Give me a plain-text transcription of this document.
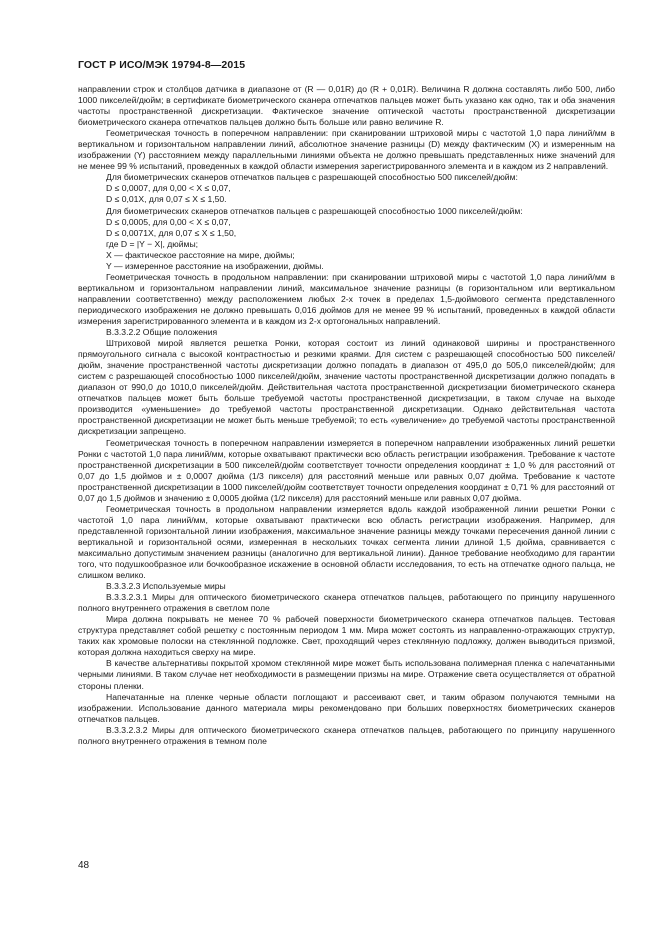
ГОСТ Р ИСО/МЭК 19794-8—2015

направлении строк и столбцов датчика в диапазоне от (R — 0,01R) до (R + 0,01R). Величина R должна составлять либо 500, либо 1000 пикселей/дюйм; в сертификате биометрического сканера отпечатков пальцев может быть указано как одно, так и оба значения частоты пространственной дискретизации. Фактическое значение оптической частоты пространственной дискретизации биометрического сканера отпечатков пальцев должно быть больше или равно величине R.

Геометрическая точность в поперечном направлении: при сканировании штриховой миры с частотой 1,0 пара линий/мм в вертикальном и горизонтальном направлении линий, абсолютное значение разницы (D) между фактическим (X) и измеренным на изображении (Y) расстоянием между параллельными линиями объекта не должно превышать представленных ниже значений для не менее 99 % испытаний, проведенных в каждой области измерения зарегистрированного элемента и в каждом из 2 направлений.

Для биометрических сканеров отпечатков пальцев с разрешающей способностью 500 пикселей/дюйм:

D ≤ 0,0007, для 0,00 < X ≤ 0,07,

D ≤ 0,01X, для 0,07 ≤ X ≤ 1,50.

Для биометрических сканеров отпечатков пальцев с разрешающей способностью 1000 пикселей/дюйм:

D ≤ 0,0005, для 0,00 < X ≤ 0,07,

D ≤ 0,0071X, для 0,07 ≤ X ≤ 1,50,

где D = |Y − X|, дюймы;

X — фактическое расстояние на мире, дюймы;

Y — измеренное расстояние на изображении, дюймы.

Геометрическая точность в продольном направлении: при сканировании штриховой миры с частотой 1,0 пара линий/мм в вертикальном и горизонтальном направлении линий, максимальное значение разницы (в горизонтальном или вертикальном направлении соответственно) между расположением любых 2-х точек в пределах 1,5-дюймового сегмента представленного периодического изображения не должно превышать 0,016 дюймов для не менее 99 % испытаний, проведенных в каждой области измерения зарегистрированного элемента и в каждом из 2-х ортогональных направлений.

В.3.3.2.2 Общие положения

Штриховой мирой является решетка Ронки, которая состоит из линий одинаковой ширины и пространственного прямоугольного сигнала с высокой контрастностью и резкими краями. Для систем с разрешающей способностью 500 пикселей/дюйм, значение пространственной частоты дискретизации должно попадать в диапазон от 495,0 до 505,0 пикселей/дюйм; для систем с разрешающей способностью 1000 пикселей/дюйм, значение частоты пространственной дискретизации должно попадать в диапазон от 990,0 до 1010,0 пикселей/дюйм. Действительная частота пространственной дискретизации биометрического сканера отпечатков пальцев может быть больше требуемой частоты пространственной дискретизации, в таком случае на выходе производится «уменьшение» до требуемой частоты пространственной дискретизации. Однако действительная частота пространственной дискретизации не может быть меньше требуемой; то есть «увеличение» до требуемой частоты пространственной дискретизации запрещено.

Геометрическая точность в поперечном направлении измеряется в поперечном направлении изображенных линий решетки Ронки с частотой 1,0 пара линий/мм, которые охватывают практически всю область регистрации изображения. Требование к частоте пространственной дискретизации в 500 пикселей/дюйм соответствует точности определения координат ± 1,0 % для расстояний от 0,07 до 1,5 дюймов и ± 0,0007 дюйма (1/3 пикселя) для расстояний меньше или равных 0,07 дюйма. Требование к частоте пространственной дискретизации в 1000 пикселей/дюйм соответствует точности определения координат ± 0,71 % для расстояний от 0,07 до 1,5 дюймов и значению ± 0,0005 дюйма (1/2 пикселя) для расстояний меньше или равных 0,07 дюйма.

Геометрическая точность в продольном направлении измеряется вдоль каждой изображенной линии решетки Ронки с частотой 1,0 пара линий/мм, которые охватывают практически всю область регистрации изображения. Например, для представленной горизонтальной линии изображения, максимальное значение разницы между точками пересечения данной линии с вертикальной и горизонтальной осями, измеренная в нескольких точках сегмента линии длиной 1,5 дюйма, сравнивается с максимально допустимым значением разницы (аналогично для вертикальной линии). Данное требование необходимо для гарантии того, что подушкообразное или бочкообразное искажение в основной области исследования, то есть на отпечатке одного пальца, не слишком велико.

В.3.3.2.3 Используемые миры

В.3.3.2.3.1 Миры для оптического биометрического сканера отпечатков пальцев, работающего по принципу нарушенного полного внутреннего отражения в светлом поле

Мира должна покрывать не менее 70 % рабочей поверхности биометрического сканера отпечатков пальцев. Тестовая структура представляет собой решетку с постоянным периодом 1 мм. Мира может состоять из направленно-отражающих структур, таких как хромовые полоски на стеклянной подложке. Свет, проходящий через стеклянную подложку, должен выводиться призмой, которая должна находиться сверху на мире.

В качестве альтернативы покрытой хромом стеклянной мире может быть использована полимерная пленка с напечатанными черными линиями. В таком случае нет необходимости в размещении призмы на мире. Отражение света осуществляется от обратной стороны пленки.

Напечатанные на пленке черные области поглощают и рассеивают свет, и таким образом получаются темными на изображении. Использование данного материала миры рекомендовано при больших поверхностях биометрических сканеров отпечатков пальцев.

В.3.3.2.3.2 Миры для оптического биометрического сканера отпечатков пальцев, работающего по принципу нарушенного полного внутреннего отражения в темном поле

48
